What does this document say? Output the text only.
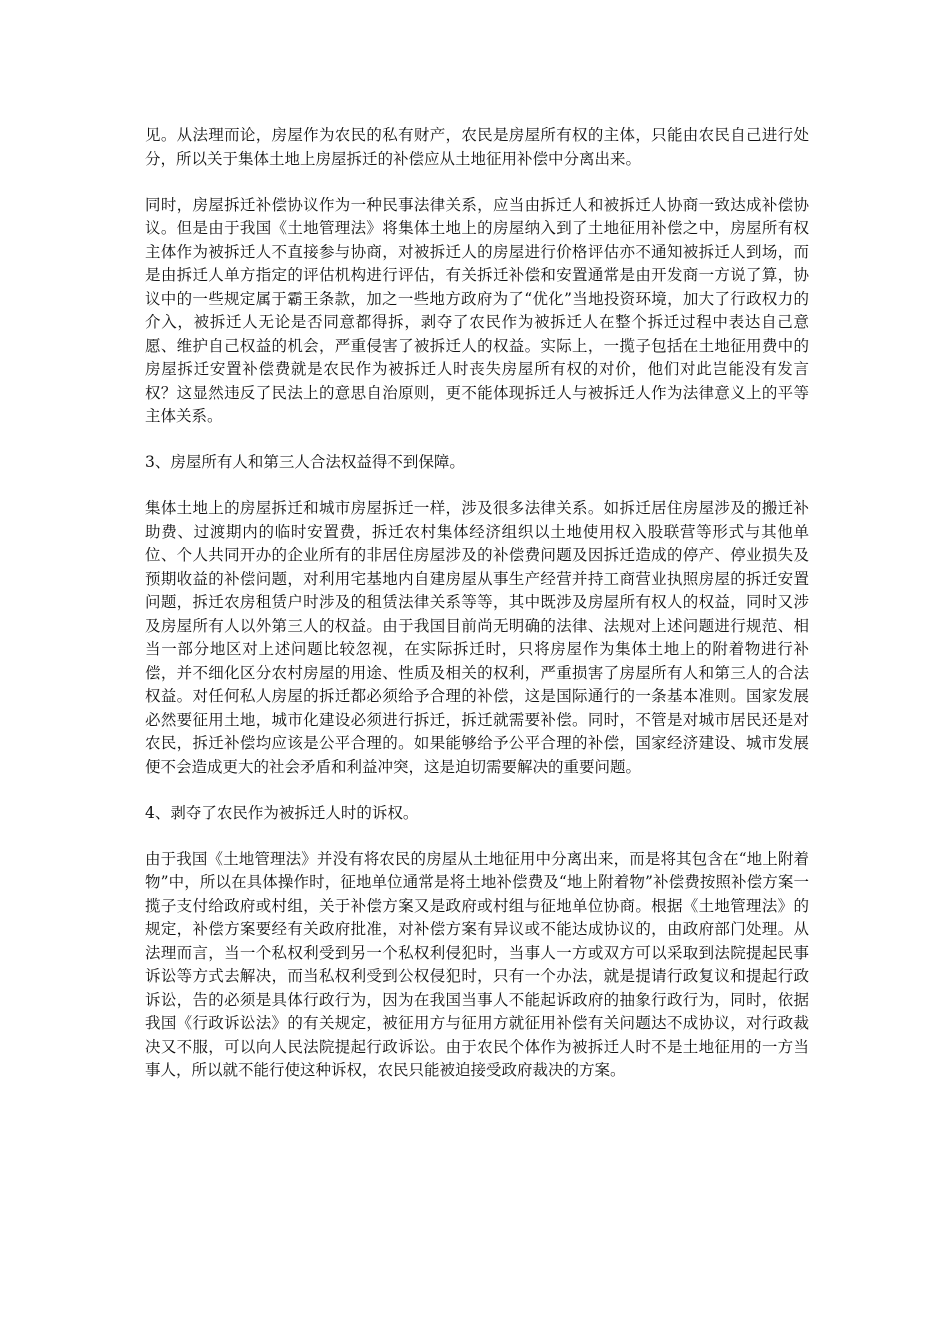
见。从法理而论，房屋作为农民的私有财产，农民是房屋所有权的主体，只能由农民自己进行处分，所以关于集体土地上房屋拆迁的补偿应从土地征用补偿中分离出来。

同时，房屋拆迁补偿协议作为一种民事法律关系，应当由拆迁人和被拆迁人协商一致达成补偿协议。但是由于我国《土地管理法》将集体土地上的房屋纳入到了土地征用补偿之中，房屋所有权主体作为被拆迁人不直接参与协商，对被拆迁人的房屋进行价格评估亦不通知被拆迁人到场，而是由拆迁人单方指定的评估机构进行评估，有关拆迁补偿和安置通常是由开发商一方说了算，协议中的一些规定属于霸王条款，加之一些地方政府为了“优化”当地投资环境，加大了行政权力的介入，被拆迁人无论是否同意都得拆，剥夺了农民作为被拆迁人在整个拆迁过程中表达自己意愿、维护自己权益的机会，严重侵害了被拆迁人的权益。实际上，一揽子包括在土地征用费中的房屋拆迁安置补偿费就是农民作为被拆迁人时丧失房屋所有权的对价，他们对此岂能没有发言权？这显然违反了民法上的意思自治原则，更不能体现拆迁人与被拆迁人作为法律意义上的平等主体关系。

3、房屋所有人和第三人合法权益得不到保障。

集体土地上的房屋拆迁和城市房屋拆迁一样，涉及很多法律关系。如拆迁居住房屋涉及的搬迁补助费、过渡期内的临时安置费，拆迁农村集体经济组织以土地使用权入股联营等形式与其他单位、个人共同开办的企业所有的非居住房屋涉及的补偿费问题及因拆迁造成的停产、停业损失及预期收益的补偿问题，对利用宅基地内自建房屋从事生产经营并持工商营业执照房屋的拆迁安置问题，拆迁农房租赁户时涉及的租赁法律关系等等，其中既涉及房屋所有权人的权益，同时又涉及房屋所有人以外第三人的权益。由于我国目前尚无明确的法律、法规对上述问题进行规范、相当一部分地区对上述问题比较忽视，在实际拆迁时，只将房屋作为集体土地上的附着物进行补偿，并不细化区分农村房屋的用途、性质及相关的权利，严重损害了房屋所有人和第三人的合法权益。对任何私人房屋的拆迁都必须给予合理的补偿，这是国际通行的一条基本准则。国家发展必然要征用土地，城市化建设必须进行拆迁，拆迁就需要补偿。同时，不管是对城市居民还是对农民，拆迁补偿均应该是公平合理的。如果能够给予公平合理的补偿，国家经济建设、城市发展便不会造成更大的社会矛盾和利益冲突，这是迫切需要解决的重要问题。

4、剥夺了农民作为被拆迁人时的诉权。

由于我国《土地管理法》并没有将农民的房屋从土地征用中分离出来，而是将其包含在“地上附着物”中，所以在具体操作时，征地单位通常是将土地补偿费及“地上附着物”补偿费按照补偿方案一揽子支付给政府或村组，关于补偿方案又是政府或村组与征地单位协商。根据《土地管理法》的规定，补偿方案要经有关政府批准，对补偿方案有异议或不能达成协议的，由政府部门处理。从法理而言，当一个私权利受到另一个私权利侵犯时，当事人一方或双方可以采取到法院提起民事诉讼等方式去解决，而当私权利受到公权侵犯时，只有一个办法，就是提请行政复议和提起行政诉讼，告的必须是具体行政行为，因为在我国当事人不能起诉政府的抽象行政行为，同时，依据我国《行政诉讼法》的有关规定，被征用方与征用方就征用补偿有关问题达不成协议，对行政裁决又不服，可以向人民法院提起行政诉讼。由于农民个体作为被拆迁人时不是土地征用的一方当事人，所以就不能行使这种诉权，农民只能被迫接受政府裁决的方案。
